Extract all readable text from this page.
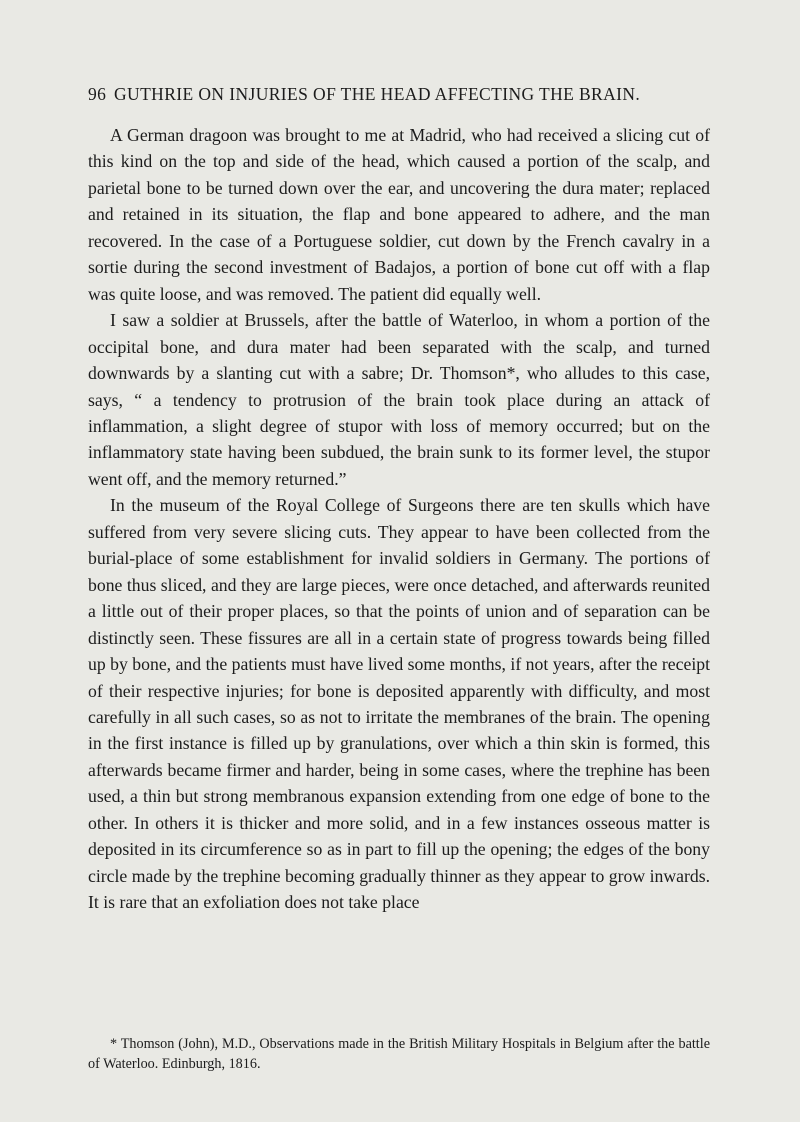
96 GUTHRIE ON INJURIES OF THE HEAD AFFECTING THE BRAIN.

A German dragoon was brought to me at Madrid, who had received a slicing cut of this kind on the top and side of the head, which caused a portion of the scalp, and parietal bone to be turned down over the ear, and uncovering the dura mater; replaced and retained in its situation, the flap and bone appeared to adhere, and the man recovered. In the case of a Portuguese soldier, cut down by the French cavalry in a sortie during the second investment of Badajos, a portion of bone cut off with a flap was quite loose, and was removed. The patient did equally well.

I saw a soldier at Brussels, after the battle of Waterloo, in whom a portion of the occipital bone, and dura mater had been separated with the scalp, and turned downwards by a slanting cut with a sabre; Dr. Thomson*, who alludes to this case, says, “ a tendency to protrusion of the brain took place during an attack of inflammation, a slight degree of stupor with loss of memory occurred; but on the inflammatory state having been subdued, the brain sunk to its former level, the stupor went off, and the memory returned.”

In the museum of the Royal College of Surgeons there are ten skulls which have suffered from very severe slicing cuts. They appear to have been collected from the burial-place of some establishment for invalid soldiers in Germany. The portions of bone thus sliced, and they are large pieces, were once detached, and afterwards reunited a little out of their proper places, so that the points of union and of separation can be distinctly seen. These fissures are all in a certain state of progress towards being filled up by bone, and the patients must have lived some months, if not years, after the receipt of their respective injuries; for bone is deposited apparently with difficulty, and most carefully in all such cases, so as not to irritate the membranes of the brain. The opening in the first instance is filled up by granulations, over which a thin skin is formed, this afterwards became firmer and harder, being in some cases, where the trephine has been used, a thin but strong membranous expansion extending from one edge of bone to the other. In others it is thicker and more solid, and in a few instances osseous matter is deposited in its circumference so as in part to fill up the opening; the edges of the bony circle made by the trephine becoming gradually thinner as they appear to grow inwards. It is rare that an exfoliation does not take place

* Thomson (John), M.D., Observations made in the British Military Hospitals in Belgium after the battle of Waterloo. Edinburgh, 1816.
